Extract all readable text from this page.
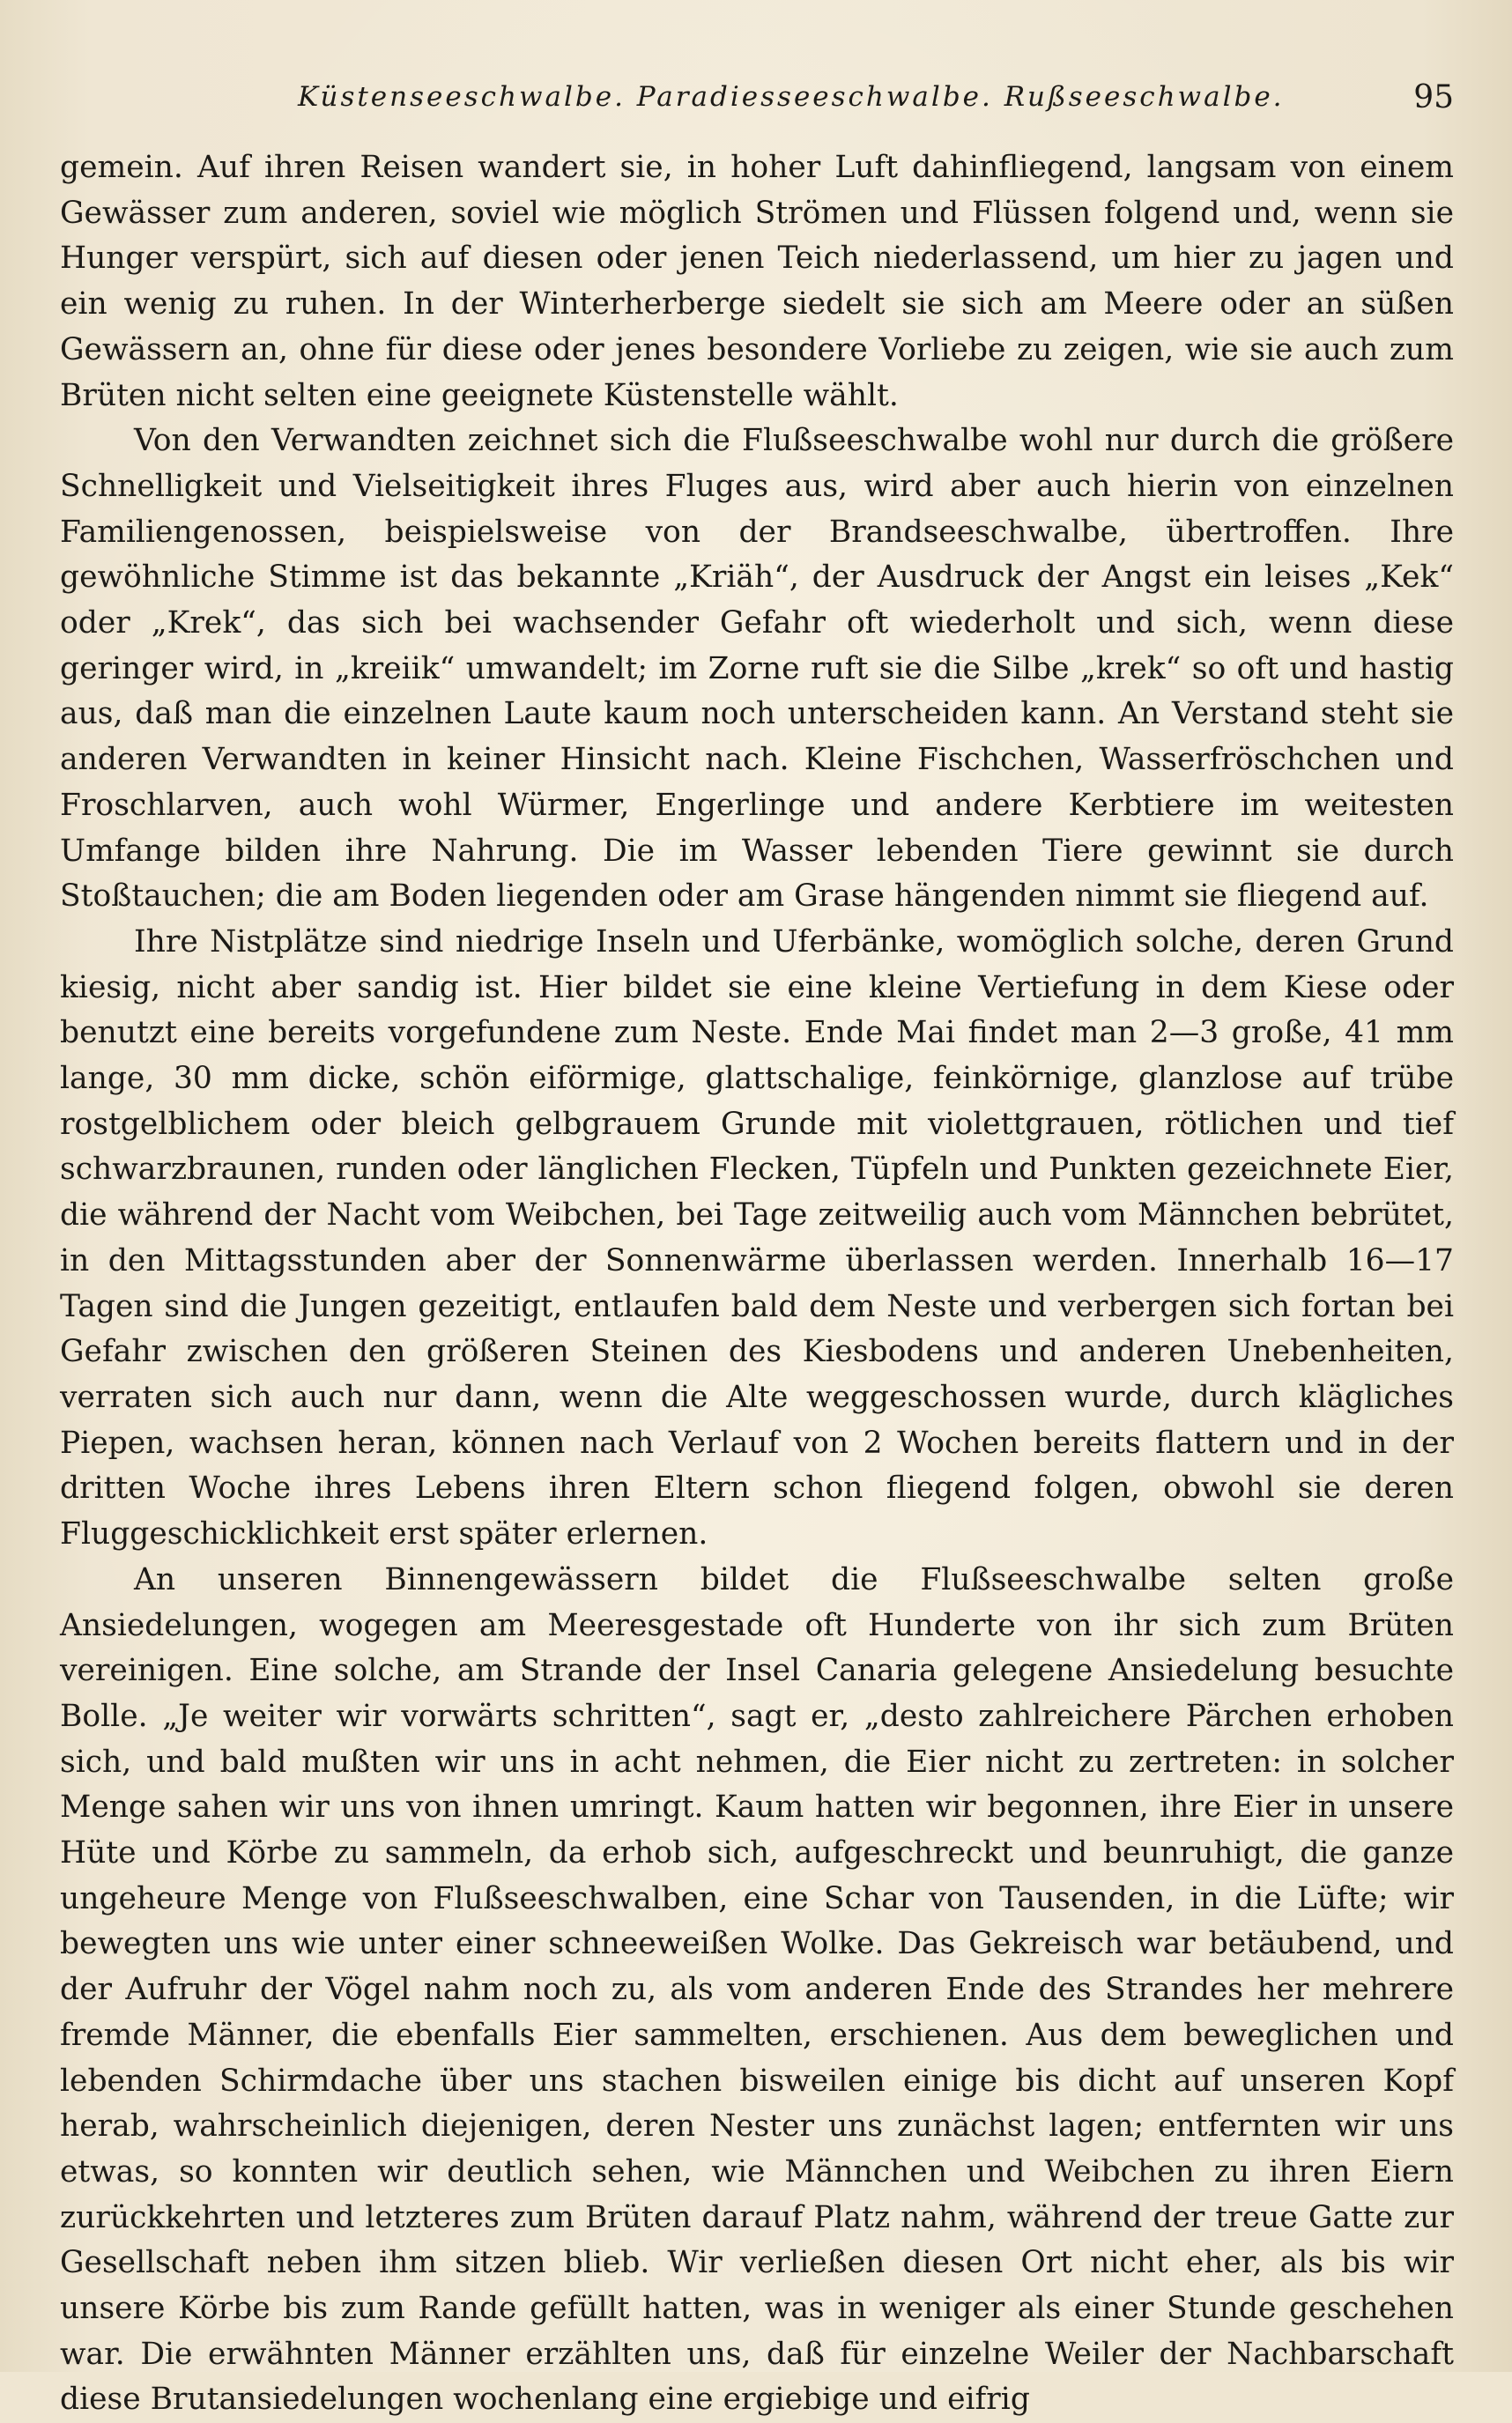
Küstenseeschwalbe. Paradiesseeschwalbe. Rußseeschwalbe.	95

gemein. Auf ihren Reisen wandert sie, in hoher Luft dahinfliegend, langsam von einem Gewässer zum anderen, soviel wie möglich Strömen und Flüssen folgend und, wenn sie Hunger verspürt, sich auf diesen oder jenen Teich niederlassend, um hier zu jagen und ein wenig zu ruhen. In der Winterherberge siedelt sie sich am Meere oder an süßen Gewässern an, ohne für diese oder jenes besondere Vorliebe zu zeigen, wie sie auch zum Brüten nicht selten eine geeignete Küstenstelle wählt.

Von den Verwandten zeichnet sich die Flußseeschwalbe wohl nur durch die größere Schnelligkeit und Vielseitigkeit ihres Fluges aus, wird aber auch hierin von einzelnen Familiengenossen, beispielsweise von der Brandseeschwalbe, übertroffen. Ihre gewöhnliche Stimme ist das bekannte „Kriäh“, der Ausdruck der Angst ein leises „Kek“ oder „Krek“, das sich bei wachsender Gefahr oft wiederholt und sich, wenn diese geringer wird, in „kreiik“ umwandelt; im Zorne ruft sie die Silbe „krek“ so oft und hastig aus, daß man die einzelnen Laute kaum noch unterscheiden kann. An Verstand steht sie anderen Verwandten in keiner Hinsicht nach. Kleine Fischchen, Wasserfröschchen und Froschlarven, auch wohl Würmer, Engerlinge und andere Kerbtiere im weitesten Umfange bilden ihre Nahrung. Die im Wasser lebenden Tiere gewinnt sie durch Stoßtauchen; die am Boden liegenden oder am Grase hängenden nimmt sie fliegend auf.

Ihre Nistplätze sind niedrige Inseln und Uferbänke, womöglich solche, deren Grund kiesig, nicht aber sandig ist. Hier bildet sie eine kleine Vertiefung in dem Kiese oder benutzt eine bereits vorgefundene zum Neste. Ende Mai findet man 2—3 große, 41 mm lange, 30 mm dicke, schön eiförmige, glattschalige, feinkörnige, glanzlose auf trübe rostgelblichem oder bleich gelbgrauem Grunde mit violettgrauen, rötlichen und tief schwarzbraunen, runden oder länglichen Flecken, Tüpfeln und Punkten gezeichnete Eier, die während der Nacht vom Weibchen, bei Tage zeitweilig auch vom Männchen bebrütet, in den Mittagsstunden aber der Sonnenwärme überlassen werden. Innerhalb 16—17 Tagen sind die Jungen gezeitigt, entlaufen bald dem Neste und verbergen sich fortan bei Gefahr zwischen den größeren Steinen des Kiesbodens und anderen Unebenheiten, verraten sich auch nur dann, wenn die Alte weggeschossen wurde, durch klägliches Piepen, wachsen heran, können nach Verlauf von 2 Wochen bereits flattern und in der dritten Woche ihres Lebens ihren Eltern schon fliegend folgen, obwohl sie deren Fluggeschicklichkeit erst später erlernen.

An unseren Binnengewässern bildet die Flußseeschwalbe selten große Ansiedelungen, wogegen am Meeresgestade oft Hunderte von ihr sich zum Brüten vereinigen. Eine solche, am Strande der Insel Canaria gelegene Ansiedelung besuchte Bolle. „Je weiter wir vorwärts schritten“, sagt er, „desto zahlreichere Pärchen erhoben sich, und bald mußten wir uns in acht nehmen, die Eier nicht zu zertreten: in solcher Menge sahen wir uns von ihnen umringt. Kaum hatten wir begonnen, ihre Eier in unsere Hüte und Körbe zu sammeln, da erhob sich, aufgeschreckt und beunruhigt, die ganze ungeheure Menge von Flußseeschwalben, eine Schar von Tausenden, in die Lüfte; wir bewegten uns wie unter einer schneeweißen Wolke. Das Gekreisch war betäubend, und der Aufruhr der Vögel nahm noch zu, als vom anderen Ende des Strandes her mehrere fremde Männer, die ebenfalls Eier sammelten, erschienen. Aus dem beweglichen und lebenden Schirmdache über uns stachen bisweilen einige bis dicht auf unseren Kopf herab, wahrscheinlich diejenigen, deren Nester uns zunächst lagen; entfernten wir uns etwas, so konnten wir deutlich sehen, wie Männchen und Weibchen zu ihren Eiern zurückkehrten und letzteres zum Brüten darauf Platz nahm, während der treue Gatte zur Gesellschaft neben ihm sitzen blieb. Wir verließen diesen Ort nicht eher, als bis wir unsere Körbe bis zum Rande gefüllt hatten, was in weniger als einer Stunde geschehen war. Die erwähnten Männer erzählten uns, daß für einzelne Weiler der Nachbarschaft diese Brutansiedelungen wochenlang eine ergiebige und eifrig
